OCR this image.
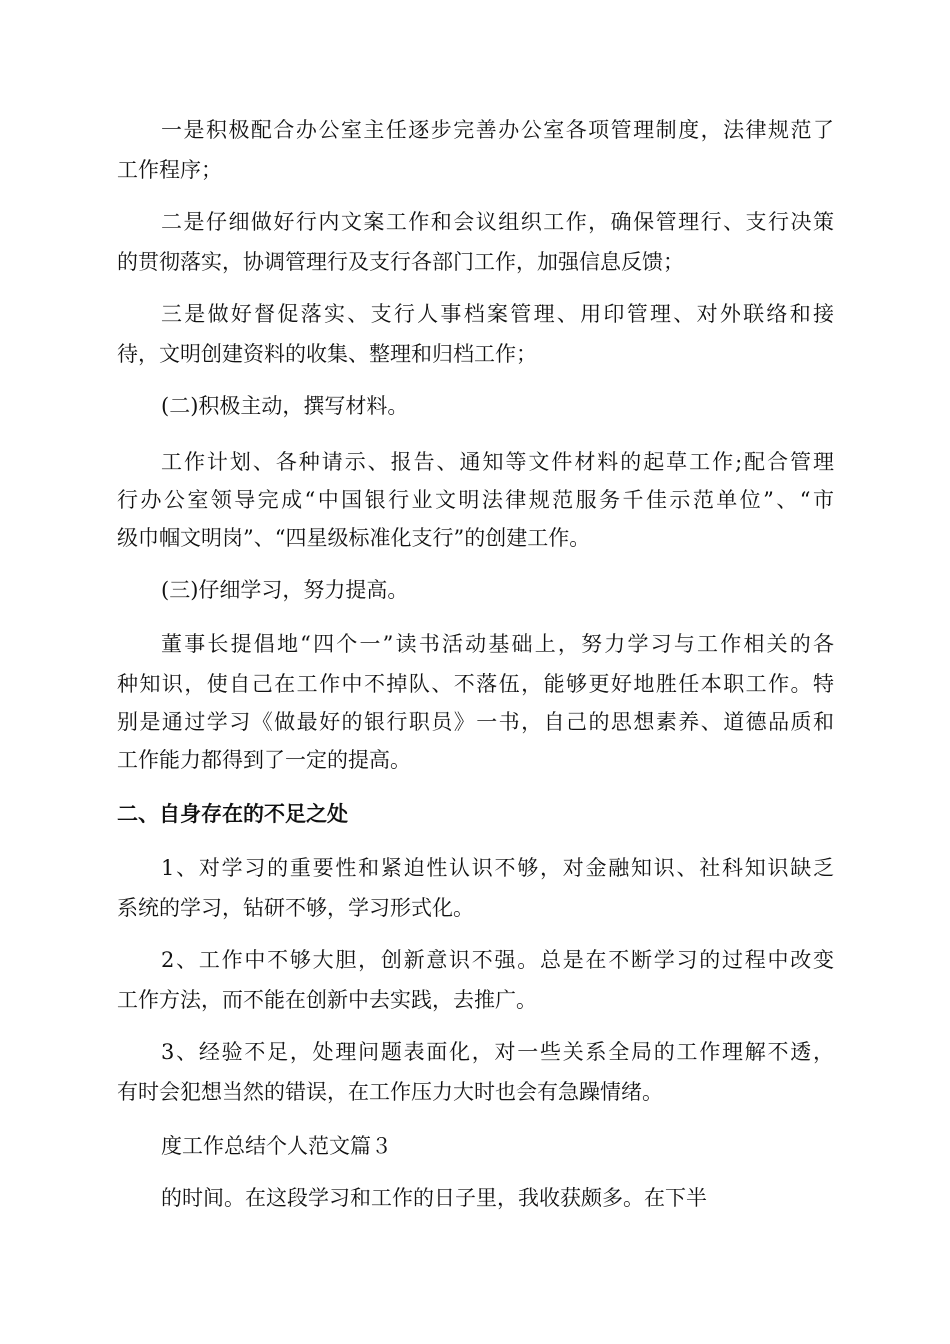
一是积极配合办公室主任逐步完善办公室各项管理制度，法律规范了
工作程序；
二是仔细做好行内文案工作和会议组织工作，确保管理行、支行决策
的贯彻落实，协调管理行及支行各部门工作，加强信息反馈；
三是做好督促落实、支行人事档案管理、用印管理、对外联络和接
待，文明创建资料的收集、整理和归档工作；
(二)积极主动，撰写材料。
工作计划、各种请示、报告、通知等文件材料的起草工作;配合管理
行办公室领导完成“中国银行业文明法律规范服务千佳示范单位”、“市
级巾帼文明岗”、“四星级标准化支行”的创建工作。
(三)仔细学习，努力提高。
董事长提倡地“四个一”读书活动基础上，努力学习与工作相关的各
种知识，使自己在工作中不掉队、不落伍，能够更好地胜任本职工作。特
别是通过学习《做最好的银行职员》一书，自己的思想素养、道德品质和
工作能力都得到了一定的提高。
二、自身存在的不足之处
1、对学习的重要性和紧迫性认识不够，对金融知识、社科知识缺乏
系统的学习，钻研不够，学习形式化。
2、工作中不够大胆，创新意识不强。总是在不断学习的过程中改变
工作方法，而不能在创新中去实践，去推广。
3、经验不足，处理问题表面化，对一些关系全局的工作理解不透，
有时会犯想当然的错误，在工作压力大时也会有急躁情绪。
度工作总结个人范文篇３
的时间。在这段学习和工作的日子里，我收获颇多。在下半
